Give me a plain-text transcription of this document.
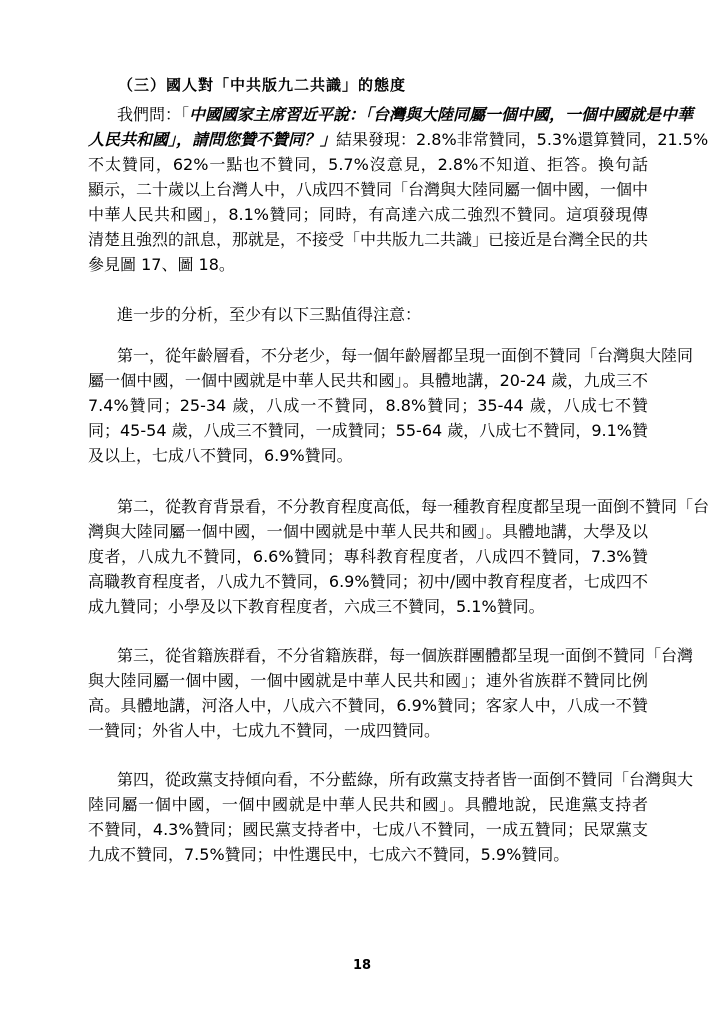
（三）國人對「中共版九二共識」的態度
我們問：「中國國家主席習近平說：「台灣與大陸同屬一個中國，一個中國就是中華
人民共和國」，請問您贊不贊同？」結果發現：2.8%非常贊同，5.3%還算贊同，21.5%
不太贊同，62%一點也不贊同，5.7%沒意見，2.8%不知道、拒答。換句話
顯示，二十歲以上台灣人中，八成四不贊同「台灣與大陸同屬一個中國，一個中
中華人民共和國」，8.1%贊同；同時，有高達六成二強烈不贊同。這項發現傳
清楚且強烈的訊息，那就是，不接受「中共版九二共識」已接近是台灣全民的共
參見圖 17、圖 18。
進一步的分析，至少有以下三點值得注意：
第一，從年齡層看，不分老少，每一個年齡層都呈現一面倒不贊同「台灣與大陸同
屬一個中國，一個中國就是中華人民共和國」。具體地講，20-24 歲，九成三不
7.4%贊同；25-34 歲，八成一不贊同，8.8%贊同；35-44 歲，八成七不贊
同；45-54 歲，八成三不贊同，一成贊同；55-64 歲，八成七不贊同，9.1%贊
及以上，七成八不贊同，6.9%贊同。
第二，從教育背景看，不分教育程度高低，每一種教育程度都呈現一面倒不贊同「台
灣與大陸同屬一個中國，一個中國就是中華人民共和國」。具體地講，大學及以
度者，八成九不贊同，6.6%贊同；專科教育程度者，八成四不贊同，7.3%贊
高職教育程度者，八成九不贊同，6.9%贊同；初中/國中教育程度者，七成四不
成九贊同；小學及以下教育程度者，六成三不贊同，5.1%贊同。
第三，從省籍族群看，不分省籍族群，每一個族群團體都呈現一面倒不贊同「台灣
與大陸同屬一個中國，一個中國就是中華人民共和國」；連外省族群不贊同比例
高。具體地講，河洛人中，八成六不贊同，6.9%贊同；客家人中，八成一不贊
一贊同；外省人中，七成九不贊同，一成四贊同。
第四，從政黨支持傾向看，不分藍綠，所有政黨支持者皆一面倒不贊同「台灣與大
陸同屬一個中國，一個中國就是中華人民共和國」。具體地說，民進黨支持者
不贊同，4.3%贊同；國民黨支持者中，七成八不贊同，一成五贊同；民眾黨支
九成不贊同，7.5%贊同；中性選民中，七成六不贊同，5.9%贊同。
18
